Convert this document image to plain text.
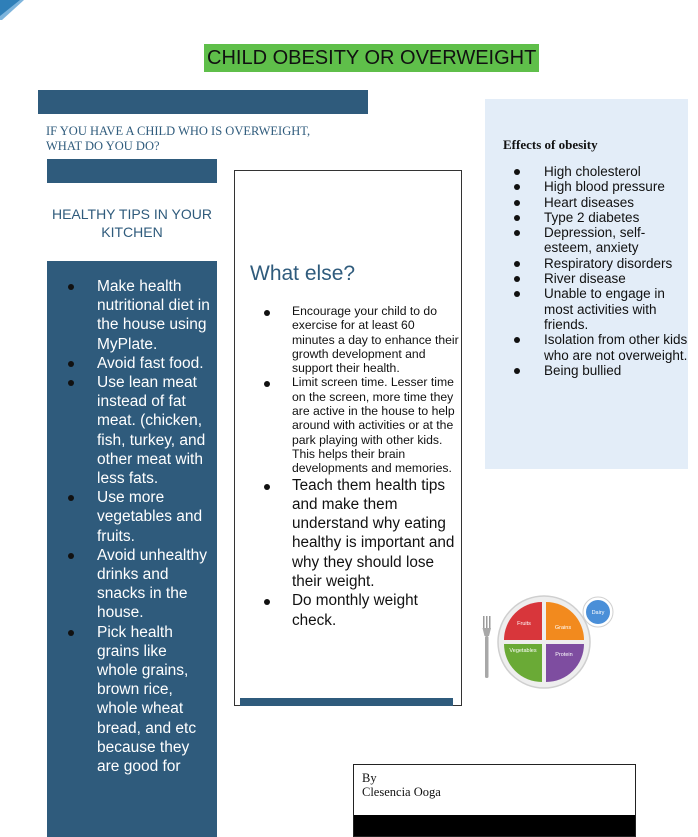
CHILD OBESITY OR OVERWEIGHT
IF YOU HAVE A CHILD WHO IS OVERWEIGHT, WHAT DO YOU DO?
HEALTHY TIPS IN YOUR KITCHEN
Make health nutritional diet in the house using MyPlate.
Avoid fast food.
Use lean meat instead of fat meat. (chicken, fish, turkey, and other meat with less fats.
Use more vegetables and fruits.
Avoid unhealthy drinks and snacks in the house.
Pick health grains like whole grains, brown rice, whole wheat bread, and etc because they are good for
What else?
Encourage your child to do exercise for at least 60 minutes a day to enhance their growth development and support their health.
Limit screen time. Lesser time on the screen, more time they are active in the house to help around with activities or at the park playing with other kids. This helps their brain developments and memories.
Teach them health tips and make them understand why eating healthy is important and why they should lose their weight.
Do monthly weight check.
Effects of obesity
High cholesterol
High blood pressure
Heart diseases
Type 2 diabetes
Depression, self-esteem, anxiety
Respiratory disorders
River disease
Unable to engage in most activities with friends.
Isolation from other kids who are not overweight.
Being bullied
Fruits
Grains
Vegetables
Protein
Dairy
By
Clesencia Ooga
